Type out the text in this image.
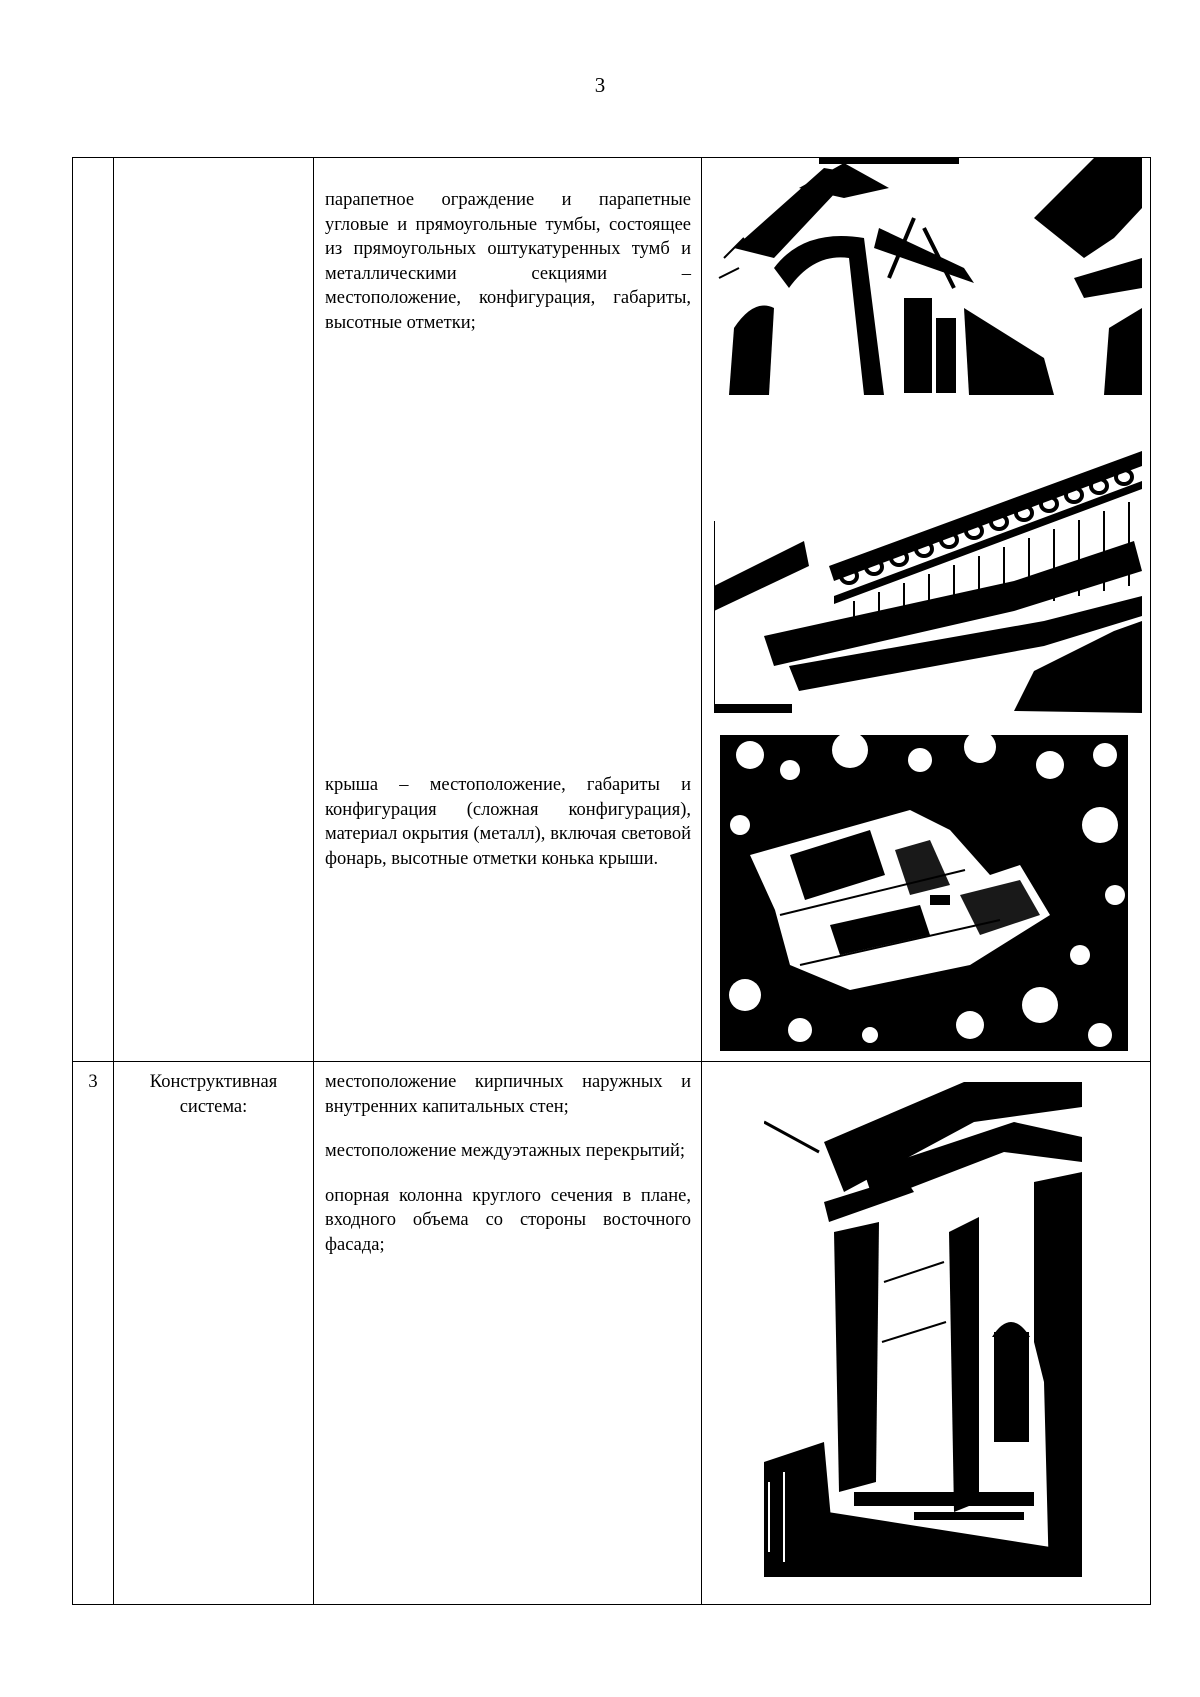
3

		парапетное ограждение и парапетные угловые и прямоугольные тумбы, состоящее из прямоугольных оштукатуренных тумб и металлическими секциями – местоположение, конфигурация, габариты, высотные отметки;

крыша – местоположение, габариты и конфигурация (сложная конфигурация), материал окрытия (металл), включая световой фонарь, высотные отметки конька крыши.

3	Конструктивная система:	местоположение кирпичных наружных и внутренних капитальных стен;

местоположение междуэтажных перекрытий;

опорная колонна круглого сечения в плане, входного объема со стороны восточного фасада;
